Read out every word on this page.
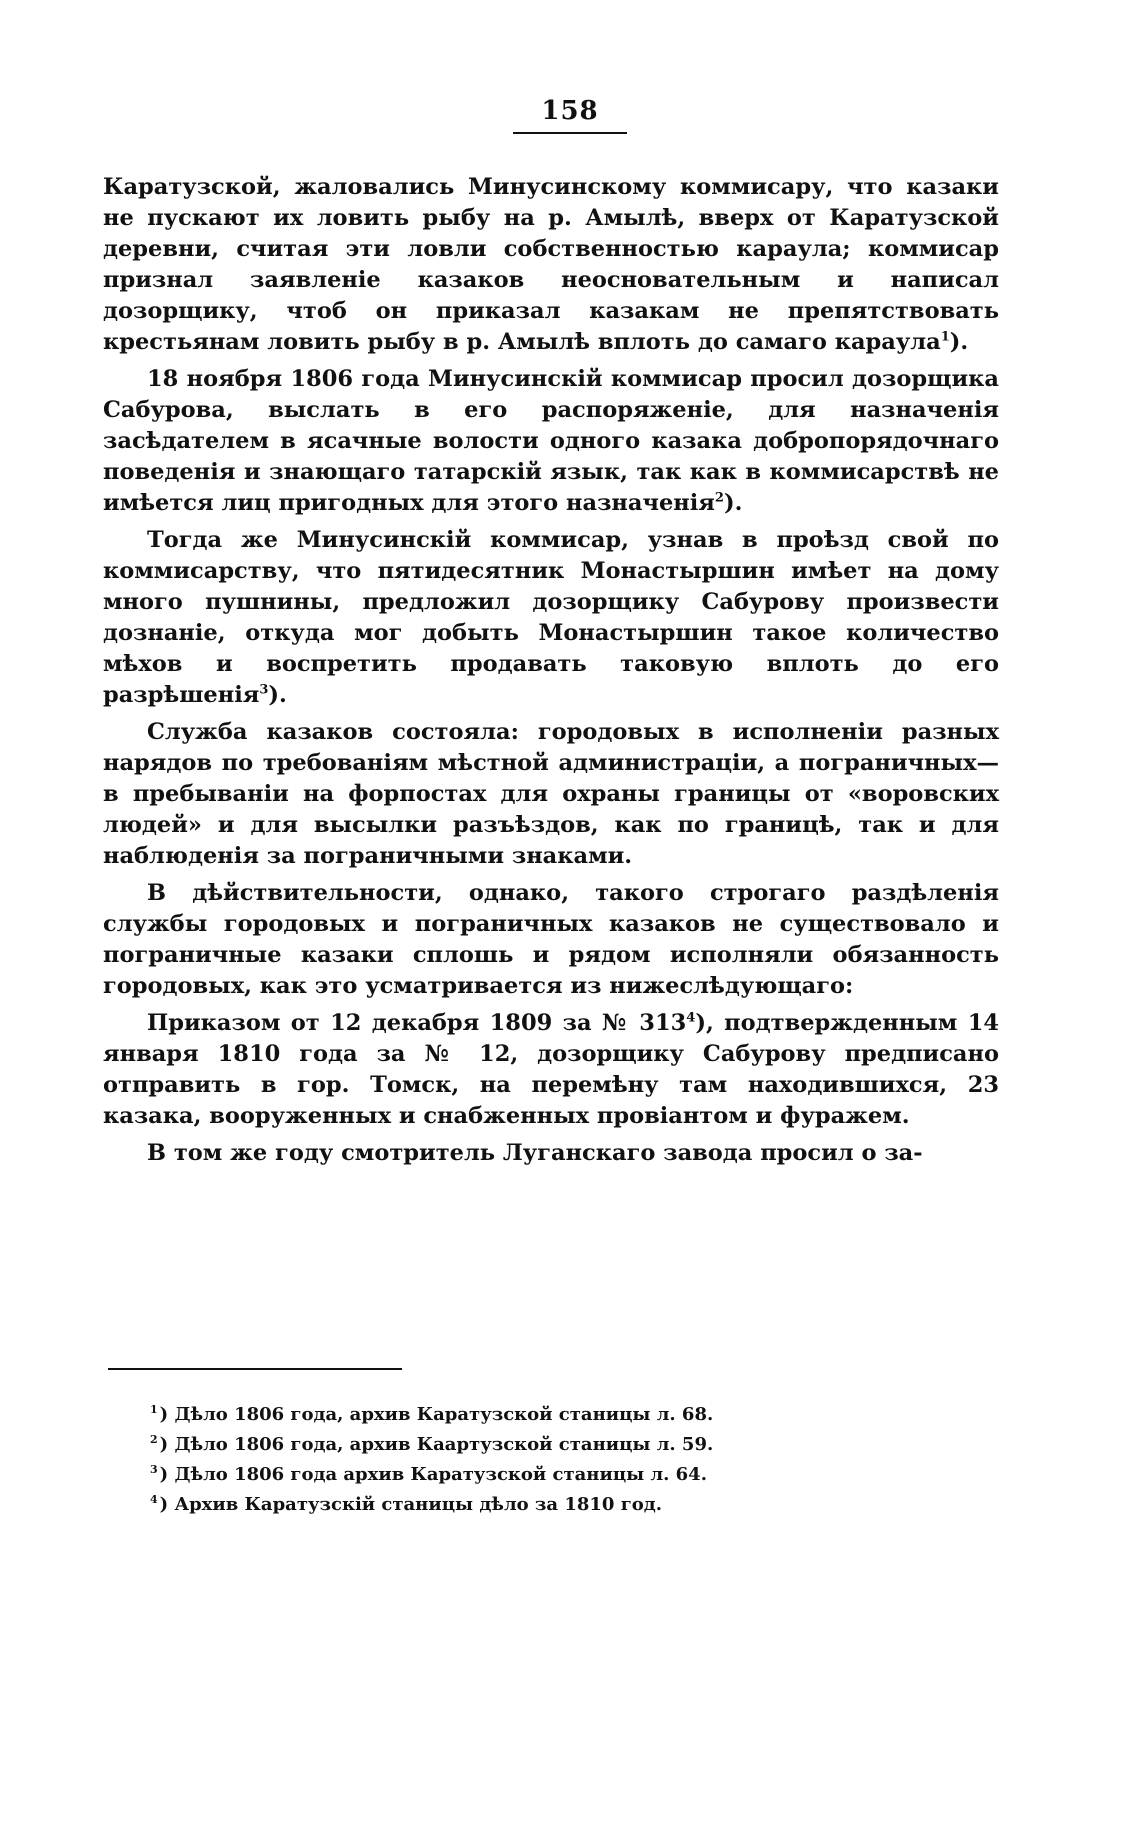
158

Каратузской, жаловались Минусинскому коммисару, что казаки не пускают их ловить рыбу на р. Амылѣ, вверх от Каратузской деревни, считая эти ловли собственностью караула; коммисар признал заявленіе казаков неосновательным и написал дозорщику, чтоб он приказал казакам не препятствовать крестьянам ловить рыбу в р. Амылѣ вплоть до самаго караула$^1$).

18 ноября 1806 года Минусинскій коммисар просил дозорщика Сабурова, выслать в его распоряженіе, для назначенія засѣдателем в ясачные волости одного казака добропорядочнаго поведенія и знающаго татарскій язык, так как в коммисарствѣ не имѣется лиц пригодных для этого назначенія$^2$).

Тогда же Минусинскій коммисар, узнав в проѣзд свой по коммисарству, что пятидесятник Монастыршин имѣет на дому много пушнины, предложил дозорщику Сабурову произвести дознаніе, откуда мог добыть Монастыршин такое количество мѣхов и воспретить продавать таковую вплоть до его разрѣшенія$^3$).

Служба казаков состояла: городовых в исполненіи разных нарядов по требованіям мѣстной администраціи, а пограничных—в пребываніи на форпостах для охраны границы от «воровских людей» и для высылки разъѣздов, как по границѣ, так и для наблюденія за пограничными знаками.

В дѣйствительности, однако, такого строгаго раздѣленія службы городовых и пограничных казаков не существовало и пограничные казаки сплошь и рядом исполняли обязанность городовых, как это усматривается из нижеслѣдующаго:

Приказом от 12 декабря 1809 за № 313$^4$), подтвержденным 14 января 1810 года за № 12, дозорщику Сабурову предписано отправить в гор. Томск, на перемѣну там находившихся, 23 казака, вооруженных и снабженных провіантом и фуражем.

В том же году смотритель Луганскаго завода просил о за-

$^1$ ) Дѣло 1806 года, архив Каратузской станицы л. 68.
$^2$ ) Дѣло 1806 года, архив Каартузской станицы л. 59.
$^3$ ) Дѣло 1806 года архив Каратузской станицы л. 64.
$^4$ ) Архив Каратузскій станицы дѣло за 1810 год.
